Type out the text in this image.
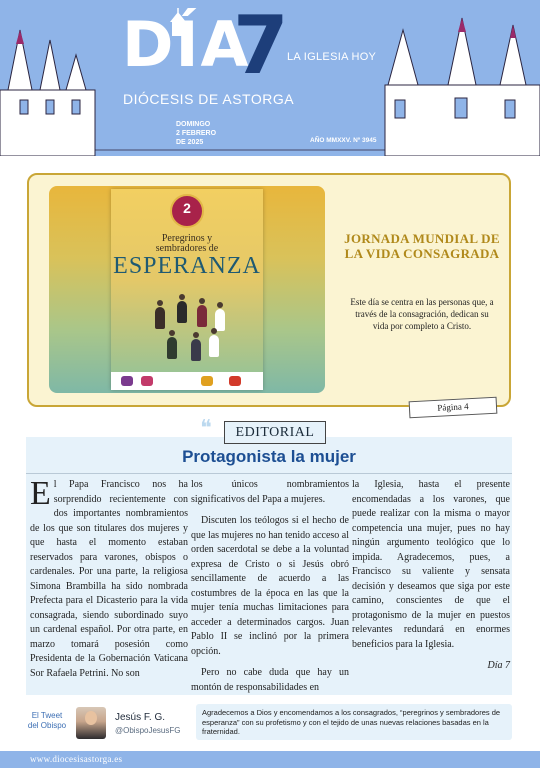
DÍA
7
LA IGLESIA HOY
DIÓCESIS DE ASTORGA
DOMINGO
2 FEBRERO
DE 2025	AÑO MMXXV. Nº 3945
2
Peregrinos y
sembradores de
ESPERANZA
JORNADA MUNDIAL DE LA VIDA CONSAGRADA
Este día se centra en las personas que, a través de la consagración, dedican su vida por completo a Cristo.
Página 4
❝	EDITORIAL
Protagonista la mujer

El Papa Francisco nos ha sorprendido recientemente con dos importantes nombramientos de los que son titulares dos mujeres y que hasta el momento estaban reservados para varones, obispos o cardenales. Por una parte, la religiosa Simona Brambilla ha sido nombrada Prefecta para el Dicasterio para la vida consagrada, siendo subordinado suyo un cardenal español. Por otra parte, en marzo tomará posesión como Presidenta de la Gobernación Vaticana Sor Rafaela Petrini. No son

los únicos nombramientos significativos del Papa a mujeres.

Discuten los teólogos si el hecho de que las mujeres no han tenido acceso al orden sacerdotal se debe a la voluntad expresa de Cristo o si Jesús obró sencillamente de acuerdo a las costumbres de la época en las que la mujer tenía muchas limitaciones para acceder a determinados cargos. Juan Pablo II se inclinó por la primera opción.

Pero no cabe duda que hay un montón de responsabilidades en

la Iglesia, hasta el presente encomendadas a los varones, que puede realizar con la misma o mayor competencia una mujer, pues no hay ningún argumento teológico que lo impida. Agradecemos, pues, a Francisco su valiente y sensata decisión y deseamos que siga por este camino, conscientes de que el protagonismo de la mujer en puestos relevantes redundará en enormes beneficios para la Iglesia.

Día 7
El Tweet
del Obispo
Jesús F. G.
@ObispoJesusFG
Agradecemos a Dios y encomendamos a los consagrados, “peregrinos y sembradores de esperanza” con su profetismo y con el tejido de unas nuevas relaciones basadas en la fraternidad.
www.diocesisastorga.es
